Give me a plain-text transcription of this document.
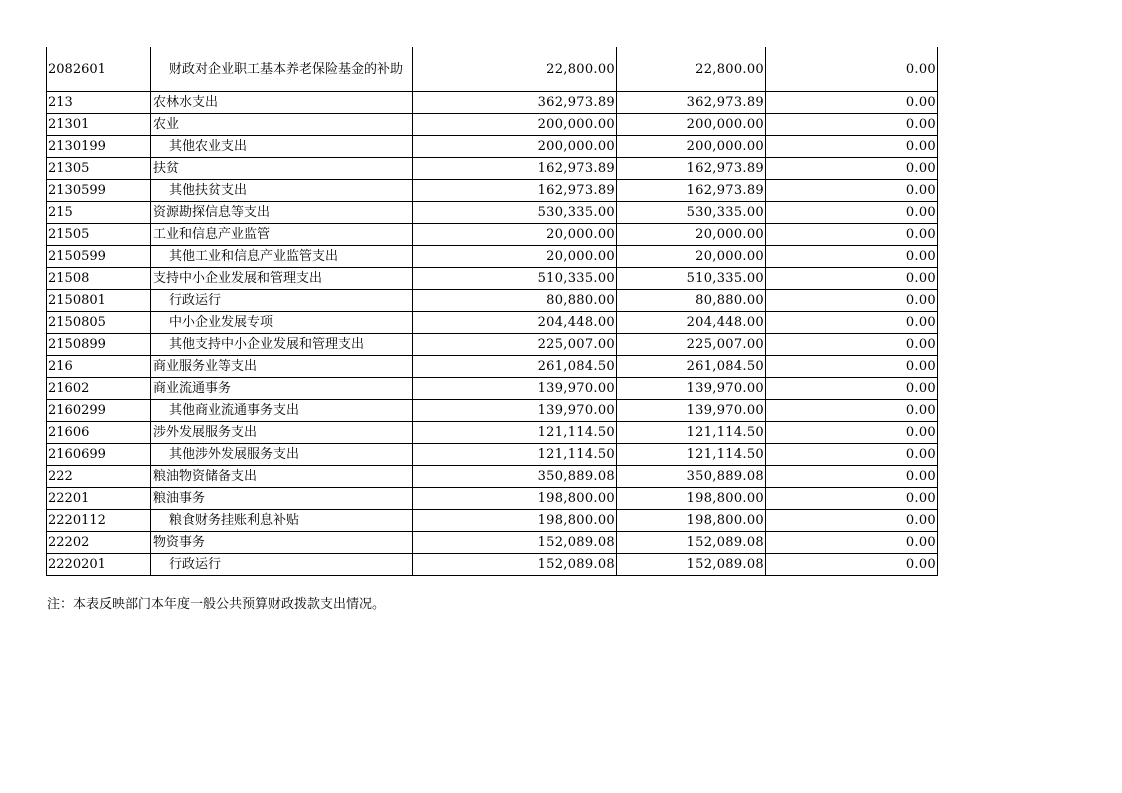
2082601	财政对企业职工基本养老保险基金的补助	22,800.00	22,800.00	0.00
213	农林水支出	362,973.89	362,973.89	0.00
21301	农业	200,000.00	200,000.00	0.00
2130199	其他农业支出	200,000.00	200,000.00	0.00
21305	扶贫	162,973.89	162,973.89	0.00
2130599	其他扶贫支出	162,973.89	162,973.89	0.00
215	资源勘探信息等支出	530,335.00	530,335.00	0.00
21505	工业和信息产业监管	20,000.00	20,000.00	0.00
2150599	其他工业和信息产业监管支出	20,000.00	20,000.00	0.00
21508	支持中小企业发展和管理支出	510,335.00	510,335.00	0.00
2150801	行政运行	80,880.00	80,880.00	0.00
2150805	中小企业发展专项	204,448.00	204,448.00	0.00
2150899	其他支持中小企业发展和管理支出	225,007.00	225,007.00	0.00
216	商业服务业等支出	261,084.50	261,084.50	0.00
21602	商业流通事务	139,970.00	139,970.00	0.00
2160299	其他商业流通事务支出	139,970.00	139,970.00	0.00
21606	涉外发展服务支出	121,114.50	121,114.50	0.00
2160699	其他涉外发展服务支出	121,114.50	121,114.50	0.00
222	粮油物资储备支出	350,889.08	350,889.08	0.00
22201	粮油事务	198,800.00	198,800.00	0.00
2220112	粮食财务挂账利息补贴	198,800.00	198,800.00	0.00
22202	物资事务	152,089.08	152,089.08	0.00
2220201	行政运行	152,089.08	152,089.08	0.00
注：本表反映部门本年度一般公共预算财政拨款支出情况。
